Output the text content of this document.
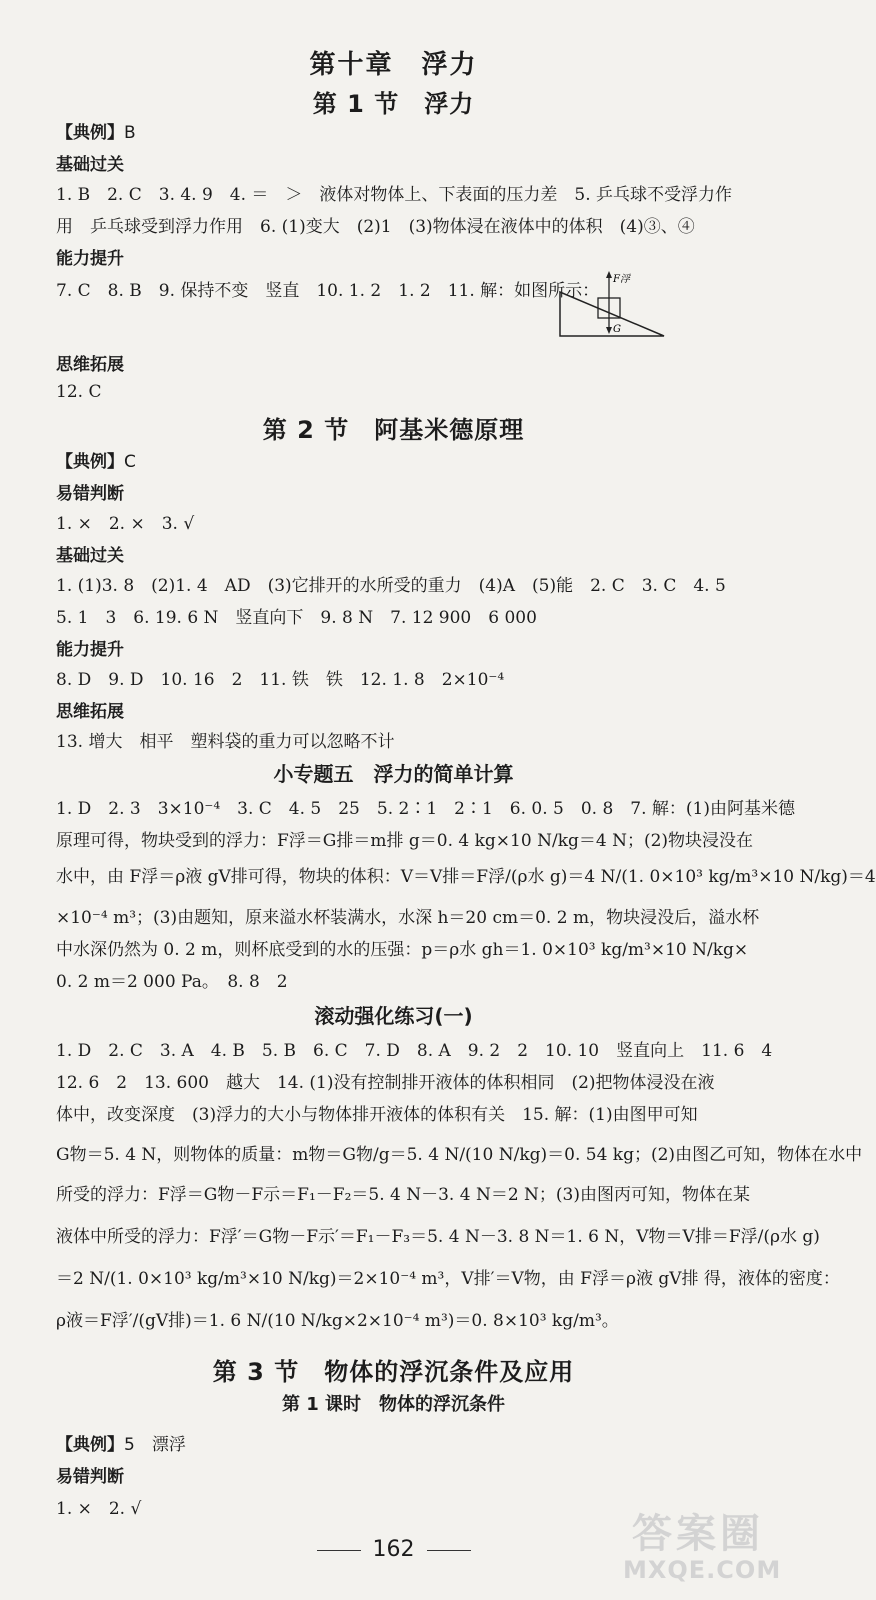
第十章　浮力
第 1 节　浮力
【典例】B
基础过关
1. B　2. C　3. 4. 9　4. ＝　＞　液体对物体上、下表面的压力差　5. 乒乓球不受浮力作
用　乒乓球受到浮力作用　6. (1)变大　(2)1　(3)物体浸在液体中的体积　(4)③、④
能力提升
7. C　8. B　9. 保持不变　竖直　10. 1. 2　1. 2　11. 解：如图所示：
F浮
G
思维拓展
12. C
第 2 节　阿基米德原理
【典例】C
易错判断
1. ×　2. ×　3. √
基础过关
1. (1)3. 8　(2)1. 4　AD　(3)它排开的水所受的重力　(4)A　(5)能　2. C　3. C　4. 5
5. 1　3　6. 19. 6 N　竖直向下　9. 8 N　7. 12 900　6 000
能力提升
8. D　9. D　10. 16　2　11. 铁　铁　12. 1. 8　2×10⁻⁴
思维拓展
13. 增大　相平　塑料袋的重力可以忽略不计
小专题五　浮力的简单计算
1. D　2. 3　3×10⁻⁴　3. C　4. 5　25　5. 2∶1　2∶1　6. 0. 5　0. 8　7. 解：(1)由阿基米德
原理可得，物块受到的浮力：F浮＝G排＝m排 g＝0. 4 kg×10 N/kg＝4 N；(2)物块浸没在
水中，由 F浮＝ρ液 gV排可得，物块的体积：V＝V排＝F浮/(ρ水 g)＝4 N/(1. 0×10³ kg/m³×10 N/kg)＝4
×10⁻⁴ m³；(3)由题知，原来溢水杯装满水，水深 h＝20 cm＝0. 2 m，物块浸没后，溢水杯
中水深仍然为 0. 2 m，则杯底受到的水的压强：p＝ρ水 gh＝1. 0×10³ kg/m³×10 N/kg×
0. 2 m＝2 000 Pa。　8. 8　2
滚动强化练习(一)
1. D　2. C　3. A　4. B　5. B　6. C　7. D　8. A　9. 2　2　10. 10　竖直向上　11. 6　4
12. 6　2　13. 600　越大　14. (1)没有控制排开液体的体积相同　(2)把物体浸没在液
体中，改变深度　(3)浮力的大小与物体排开液体的体积有关　15. 解：(1)由图甲可知
G物＝5. 4 N，则物体的质量：m物＝G物/g＝5. 4 N/(10 N/kg)＝0. 54 kg；(2)由图乙可知，物体在水中
所受的浮力：F浮＝G物－F示＝F₁－F₂＝5. 4 N－3. 4 N＝2 N；(3)由图丙可知，物体在某
液体中所受的浮力：F浮′＝G物－F示′＝F₁－F₃＝5. 4 N－3. 8 N＝1. 6 N，V物＝V排＝F浮/(ρ水 g)
＝2 N/(1. 0×10³ kg/m³×10 N/kg)＝2×10⁻⁴ m³，V排′＝V物，由 F浮＝ρ液 gV排 得，液体的密度：
ρ液＝F浮′/(gV排)＝1. 6 N/(10 N/kg×2×10⁻⁴ m³)＝0. 8×10³ kg/m³。
第 3 节　物体的浮沉条件及应用
第 1 课时　物体的浮沉条件
【典例】5　漂浮
易错判断
1. ×　2. √
162	答案圈
MXQE.COM
